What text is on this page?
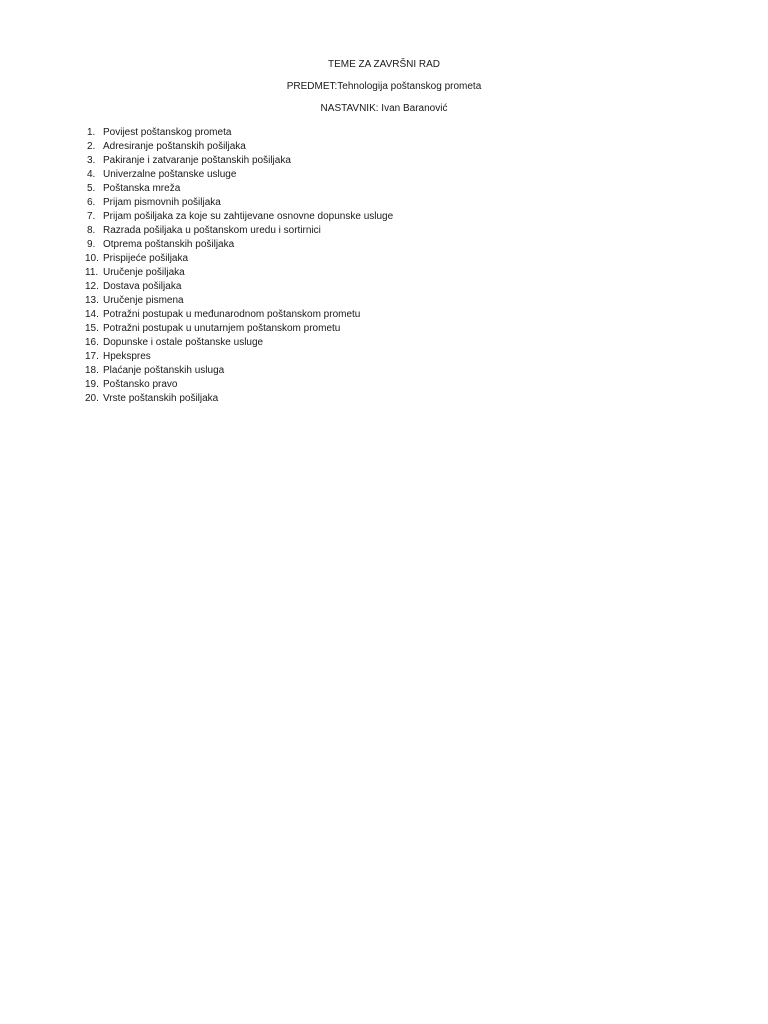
TEME ZA ZAVRŠNI RAD
PREDMET:Tehnologija poštanskog prometa
NASTAVNIK: Ivan Baranović
1. Povijest poštanskog prometa
2. Adresiranje poštanskih pošiljaka
3. Pakiranje i zatvaranje poštanskih pošiljaka
4. Univerzalne poštanske usluge
5. Poštanska mreža
6. Prijam pismovnih pošiljaka
7. Prijam pošiljaka za koje su zahtijevane osnovne dopunske usluge
8. Razrada pošiljaka u poštanskom uredu i sortirnici
9. Otprema poštanskih pošiljaka
10. Prispijeće pošiljaka
11. Uručenje pošiljaka
12. Dostava pošiljaka
13. Uručenje pismena
14. Potražni postupak u međunarodnom poštanskom prometu
15. Potražni postupak u unutarnjem poštanskom prometu
16. Dopunske i ostale poštanske usluge
17. Hpekspres
18. Plaćanje poštanskih usluga
19. Poštansko pravo
20. Vrste poštanskih pošiljaka
